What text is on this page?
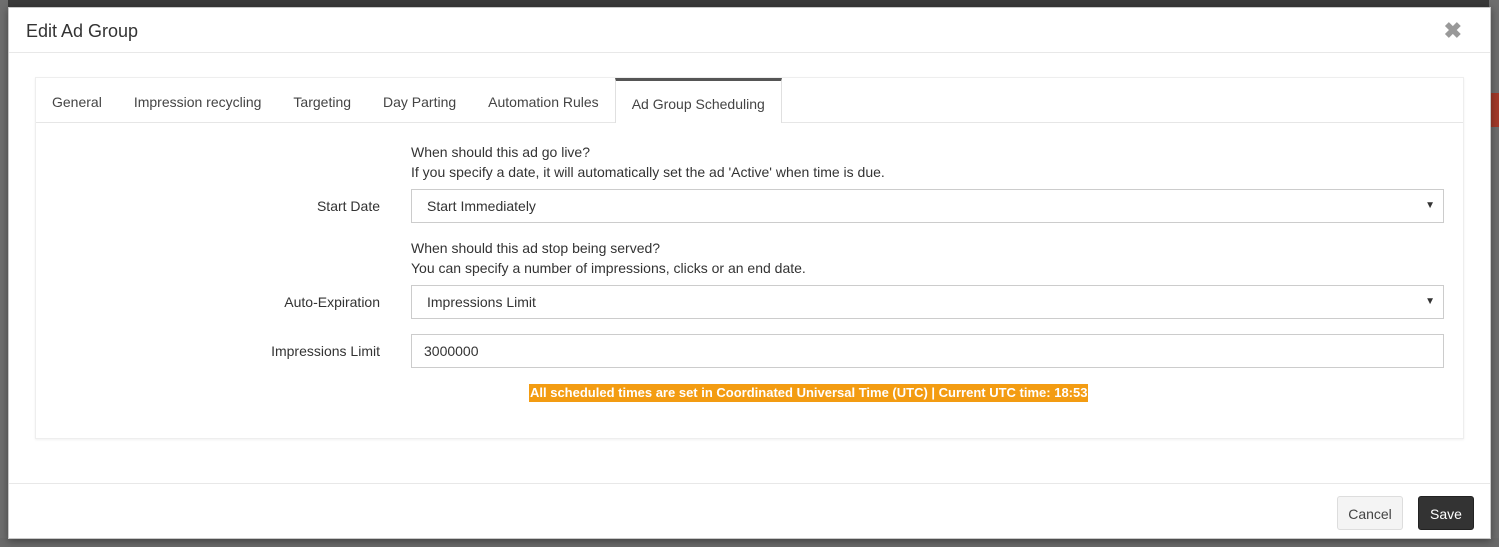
Edit Ad Group	✖
General	Impression recycling	Targeting	Day Parting	Automation Rules	Ad Group Scheduling
When should this ad go live?
If you specify a date, it will automatically set the ad 'Active' when time is due.
Start Date	Start Immediately	▼
When should this ad stop being served?
You can specify a number of impressions, clicks or an end date.
Auto-Expiration	Impressions Limit	▼
Impressions Limit	3000000
All scheduled times are set in Coordinated Universal Time (UTC) | Current UTC time: 18:53
Cancel	Save
